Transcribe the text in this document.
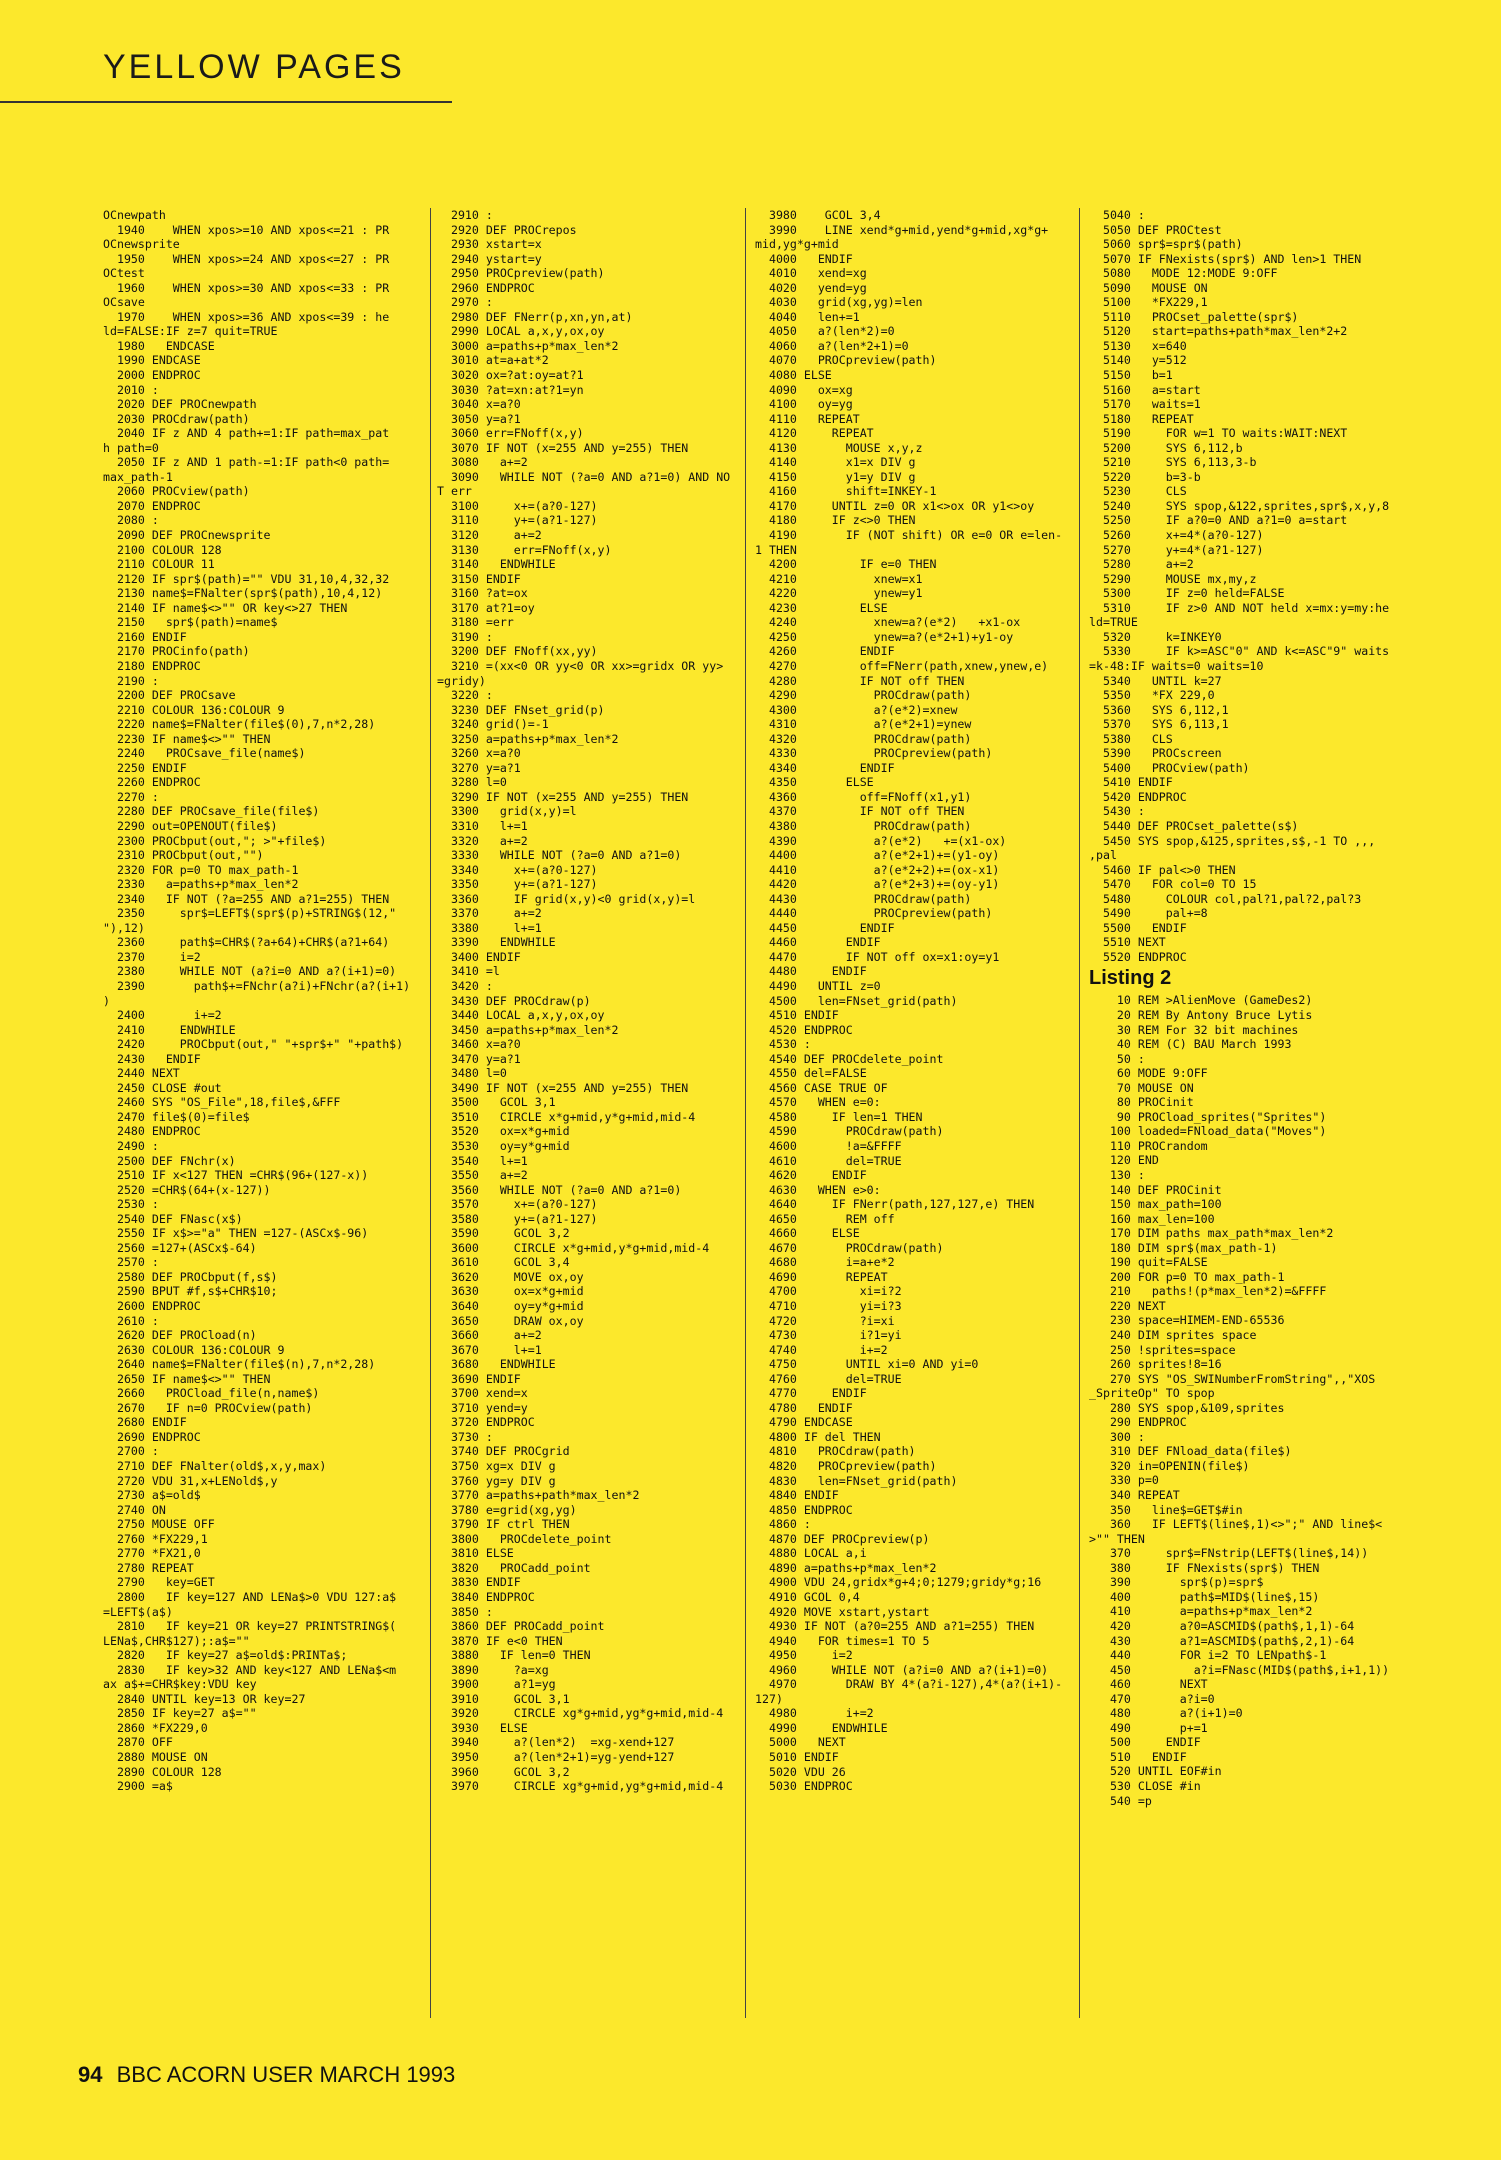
YELLOW PAGES
OCnewpath
1940    WHEN xpos>=10 AND xpos<=21 : PR
OCnewsprite
1950    WHEN xpos>=24 AND xpos<=27 : PR
OCtest
1960    WHEN xpos>=30 AND xpos<=33 : PR
OCsave
1970    WHEN xpos>=36 AND xpos<=39 : he
ld=FALSE:IF z=7 quit=TRUE
1980   ENDCASE
1990 ENDCASE
2000 ENDPROC
2010 :
2020 DEF PROCnewpath
2030 PROCdraw(path)
2040 IF z AND 4 path+=1:IF path=max_pat
h path=0
2050 IF z AND 1 path-=1:IF path<0 path=
max_path-1
2060 PROCview(path)
2070 ENDPROC
2080 :
2090 DEF PROCnewsprite
2100 COLOUR 128
2110 COLOUR 11
2120 IF spr$(path)="" VDU 31,10,4,32,32
2130 name$=FNalter(spr$(path),10,4,12)
2140 IF name$<>"" OR key<>27 THEN
2150   spr$(path)=name$
2160 ENDIF
2170 PROCinfo(path)
2180 ENDPROC
2190 :
2200 DEF PROCsave
2210 COLOUR 136:COLOUR 9
2220 name$=FNalter(file$(0),7,n*2,28)
2230 IF name$<>"" THEN
2240   PROCsave_file(name$)
2250 ENDIF
2260 ENDPROC
2270 :
2280 DEF PROCsave_file(file$)
2290 out=OPENOUT(file$)
2300 PROCbput(out,"; >"+file$)
2310 PROCbput(out,"")
2320 FOR p=0 TO max_path-1
2330   a=paths+p*max_len*2
2340   IF NOT (?a=255 AND a?1=255) THEN
2350     spr$=LEFT$(spr$(p)+STRING$(12,"
"),12)
2360     path$=CHR$(?a+64)+CHR$(a?1+64)
2370     i=2
2380     WHILE NOT (a?i=0 AND a?(i+1)=0)
2390       path$+=FNchr(a?i)+FNchr(a?(i+1)
)
2400       i+=2
2410     ENDWHILE
2420     PROCbput(out," "+spr$+" "+path$)
2430   ENDIF
2440 NEXT
2450 CLOSE #out
2460 SYS "OS_File",18,file$,&FFF
2470 file$(0)=file$
2480 ENDPROC
2490 :
2500 DEF FNchr(x)
2510 IF x<127 THEN =CHR$(96+(127-x))
2520 =CHR$(64+(x-127))
2530 :
2540 DEF FNasc(x$)
2550 IF x$>="a" THEN =127-(ASCx$-96)
2560 =127+(ASCx$-64)
2570 :
2580 DEF PROCbput(f,s$)
2590 BPUT #f,s$+CHR$10;
2600 ENDPROC
2610 :
2620 DEF PROCload(n)
2630 COLOUR 136:COLOUR 9
2640 name$=FNalter(file$(n),7,n*2,28)
2650 IF name$<>"" THEN
2660   PROCload_file(n,name$)
2670   IF n=0 PROCview(path)
2680 ENDIF
2690 ENDPROC
2700 :
2710 DEF FNalter(old$,x,y,max)
2720 VDU 31,x+LENold$,y
2730 a$=old$
2740 ON
2750 MOUSE OFF
2760 *FX229,1
2770 *FX21,0
2780 REPEAT
2790   key=GET
2800   IF key=127 AND LENa$>0 VDU 127:a$
=LEFT$(a$)
2810   IF key=21 OR key=27 PRINTSTRING$(
LENa$,CHR$127);:a$=""
2820   IF key=27 a$=old$:PRINTa$;
2830   IF key>32 AND key<127 AND LENa$<m
ax a$+=CHR$key:VDU key
2840 UNTIL key=13 OR key=27
2850 IF key=27 a$=""
2860 *FX229,0
2870 OFF
2880 MOUSE ON
2890 COLOUR 128
2900 =a$
2910 :
2920 DEF PROCrepos
2930 xstart=x
2940 ystart=y
2950 PROCpreview(path)
2960 ENDPROC
2970 :
2980 DEF FNerr(p,xn,yn,at)
2990 LOCAL a,x,y,ox,oy
3000 a=paths+p*max_len*2
3010 at=a+at*2
3020 ox=?at:oy=at?1
3030 ?at=xn:at?1=yn
3040 x=a?0
3050 y=a?1
3060 err=FNoff(x,y)
3070 IF NOT (x=255 AND y=255) THEN
3080   a+=2
3090   WHILE NOT (?a=0 AND a?1=0) AND NO
T err
3100     x+=(a?0-127)
3110     y+=(a?1-127)
3120     a+=2
3130     err=FNoff(x,y)
3140   ENDWHILE
3150 ENDIF
3160 ?at=ox
3170 at?1=oy
3180 =err
3190 :
3200 DEF FNoff(xx,yy)
3210 =(xx<0 OR yy<0 OR xx>=gridx OR yy>
=gridy)
3220 :
3230 DEF FNset_grid(p)
3240 grid()=-1
3250 a=paths+p*max_len*2
3260 x=a?0
3270 y=a?1
3280 l=0
3290 IF NOT (x=255 AND y=255) THEN
3300   grid(x,y)=l
3310   l+=1
3320   a+=2
3330   WHILE NOT (?a=0 AND a?1=0)
3340     x+=(a?0-127)
3350     y+=(a?1-127)
3360     IF grid(x,y)<0 grid(x,y)=l
3370     a+=2
3380     l+=1
3390   ENDWHILE
3400 ENDIF
3410 =l
3420 :
3430 DEF PROCdraw(p)
3440 LOCAL a,x,y,ox,oy
3450 a=paths+p*max_len*2
3460 x=a?0
3470 y=a?1
3480 l=0
3490 IF NOT (x=255 AND y=255) THEN
3500   GCOL 3,1
3510   CIRCLE x*g+mid,y*g+mid,mid-4
3520   ox=x*g+mid
3530   oy=y*g+mid
3540   l+=1
3550   a+=2
3560   WHILE NOT (?a=0 AND a?1=0)
3570     x+=(a?0-127)
3580     y+=(a?1-127)
3590     GCOL 3,2
3600     CIRCLE x*g+mid,y*g+mid,mid-4
3610     GCOL 3,4
3620     MOVE ox,oy
3630     ox=x*g+mid
3640     oy=y*g+mid
3650     DRAW ox,oy
3660     a+=2
3670     l+=1
3680   ENDWHILE
3690 ENDIF
3700 xend=x
3710 yend=y
3720 ENDPROC
3730 :
3740 DEF PROCgrid
3750 xg=x DIV g
3760 yg=y DIV g
3770 a=paths+path*max_len*2
3780 e=grid(xg,yg)
3790 IF ctrl THEN
3800   PROCdelete_point
3810 ELSE
3820   PROCadd_point
3830 ENDIF
3840 ENDPROC
3850 :
3860 DEF PROCadd_point
3870 IF e<0 THEN
3880   IF len=0 THEN
3890     ?a=xg
3900     a?1=yg
3910     GCOL 3,1
3920     CIRCLE xg*g+mid,yg*g+mid,mid-4
3930   ELSE
3940     a?(len*2)  =xg-xend+127
3950     a?(len*2+1)=yg-yend+127
3960     GCOL 3,2
3970     CIRCLE xg*g+mid,yg*g+mid,mid-4
3980    GCOL 3,4
3990    LINE xend*g+mid,yend*g+mid,xg*g+
mid,yg*g+mid
4000   ENDIF
4010   xend=xg
4020   yend=yg
4030   grid(xg,yg)=len
4040   len+=1
4050   a?(len*2)=0
4060   a?(len*2+1)=0
4070   PROCpreview(path)
4080 ELSE
4090   ox=xg
4100   oy=yg
4110   REPEAT
4120     REPEAT
4130       MOUSE x,y,z
4140       x1=x DIV g
4150       y1=y DIV g
4160       shift=INKEY-1
4170     UNTIL z=0 OR x1<>ox OR y1<>oy
4180     IF z<>0 THEN
4190       IF (NOT shift) OR e=0 OR e=len-
1 THEN
4200         IF e=0 THEN
4210           xnew=x1
4220           ynew=y1
4230         ELSE
4240           xnew=a?(e*2)   +x1-ox
4250           ynew=a?(e*2+1)+y1-oy
4260         ENDIF
4270         off=FNerr(path,xnew,ynew,e)
4280         IF NOT off THEN
4290           PROCdraw(path)
4300           a?(e*2)=xnew
4310           a?(e*2+1)=ynew
4320           PROCdraw(path)
4330           PROCpreview(path)
4340         ENDIF
4350       ELSE
4360         off=FNoff(x1,y1)
4370         IF NOT off THEN
4380           PROCdraw(path)
4390           a?(e*2)   +=(x1-ox)
4400           a?(e*2+1)+=(y1-oy)
4410           a?(e*2+2)+=(ox-x1)
4420           a?(e*2+3)+=(oy-y1)
4430           PROCdraw(path)
4440           PROCpreview(path)
4450         ENDIF
4460       ENDIF
4470       IF NOT off ox=x1:oy=y1
4480     ENDIF
4490   UNTIL z=0
4500   len=FNset_grid(path)
4510 ENDIF
4520 ENDPROC
4530 :
4540 DEF PROCdelete_point
4550 del=FALSE
4560 CASE TRUE OF
4570   WHEN e=0:
4580     IF len=1 THEN
4590       PROCdraw(path)
4600       !a=&FFFF
4610       del=TRUE
4620     ENDIF
4630   WHEN e>0:
4640     IF FNerr(path,127,127,e) THEN
4650       REM off
4660     ELSE
4670       PROCdraw(path)
4680       i=a+e*2
4690       REPEAT
4700         xi=i?2
4710         yi=i?3
4720         ?i=xi
4730         i?1=yi
4740         i+=2
4750       UNTIL xi=0 AND yi=0
4760       del=TRUE
4770     ENDIF
4780   ENDIF
4790 ENDCASE
4800 IF del THEN
4810   PROCdraw(path)
4820   PROCpreview(path)
4830   len=FNset_grid(path)
4840 ENDIF
4850 ENDPROC
4860 :
4870 DEF PROCpreview(p)
4880 LOCAL a,i
4890 a=paths+p*max_len*2
4900 VDU 24,gridx*g+4;0;1279;gridy*g;16
4910 GCOL 0,4
4920 MOVE xstart,ystart
4930 IF NOT (a?0=255 AND a?1=255) THEN
4940   FOR times=1 TO 5
4950     i=2
4960     WHILE NOT (a?i=0 AND a?(i+1)=0)
4970       DRAW BY 4*(a?i-127),4*(a?(i+1)-
127)
4980       i+=2
4990     ENDWHILE
5000   NEXT
5010 ENDIF
5020 VDU 26
5030 ENDPROC
5040 :
5050 DEF PROCtest
5060 spr$=spr$(path)
5070 IF FNexists(spr$) AND len>1 THEN
5080   MODE 12:MODE 9:OFF
5090   MOUSE ON
5100   *FX229,1
5110   PROCset_palette(spr$)
5120   start=paths+path*max_len*2+2
5130   x=640
5140   y=512
5150   b=1
5160   a=start
5170   waits=1
5180   REPEAT
5190     FOR w=1 TO waits:WAIT:NEXT
5200     SYS 6,112,b
5210     SYS 6,113,3-b
5220     b=3-b
5230     CLS
5240     SYS spop,&122,sprites,spr$,x,y,8
5250     IF a?0=0 AND a?1=0 a=start
5260     x+=4*(a?0-127)
5270     y+=4*(a?1-127)
5280     a+=2
5290     MOUSE mx,my,z
5300     IF z=0 held=FALSE
5310     IF z>0 AND NOT held x=mx:y=my:he
ld=TRUE
5320     k=INKEY0
5330     IF k>=ASC"0" AND k<=ASC"9" waits
=k-48:IF waits=0 waits=10
5340   UNTIL k=27
5350   *FX 229,0
5360   SYS 6,112,1
5370   SYS 6,113,1
5380   CLS
5390   PROCscreen
5400   PROCview(path)
5410 ENDIF
5420 ENDPROC
5430 :
5440 DEF PROCset_palette(s$)
5450 SYS spop,&125,sprites,s$,-1 TO ,,,
,pal
5460 IF pal<>0 THEN
5470   FOR col=0 TO 15
5480     COLOUR col,pal?1,pal?2,pal?3
5490     pal+=8
5500   ENDIF
5510 NEXT
5520 ENDPROC
Listing 2
10 REM >AlienMove (GameDes2)
20 REM By Antony Bruce Lytis
30 REM For 32 bit machines
40 REM (C) BAU March 1993
50 :
60 MODE 9:OFF
70 MOUSE ON
80 PROCinit
90 PROCload_sprites("Sprites")
100 loaded=FNload_data("Moves")
110 PROCrandom
120 END
130 :
140 DEF PROCinit
150 max_path=100
160 max_len=100
170 DIM paths max_path*max_len*2
180 DIM spr$(max_path-1)
190 quit=FALSE
200 FOR p=0 TO max_path-1
210   paths!(p*max_len*2)=&FFFF
220 NEXT
230 space=HIMEM-END-65536
240 DIM sprites space
250 !sprites=space
260 sprites!8=16
270 SYS "OS_SWINumberFromString",,"XOS
_SpriteOp" TO spop
280 SYS spop,&109,sprites
290 ENDPROC
300 :
310 DEF FNload_data(file$)
320 in=OPENIN(file$)
330 p=0
340 REPEAT
350   line$=GET$#in
360   IF LEFT$(line$,1)<>";" AND line$<
>"" THEN
370     spr$=FNstrip(LEFT$(line$,14))
380     IF FNexists(spr$) THEN
390       spr$(p)=spr$
400       path$=MID$(line$,15)
410       a=paths+p*max_len*2
420       a?0=ASCMID$(path$,1,1)-64
430       a?1=ASCMID$(path$,2,1)-64
440       FOR i=2 TO LENpath$-1
450         a?i=FNasc(MID$(path$,i+1,1))
460       NEXT
470       a?i=0
480       a?(i+1)=0
490       p+=1
500     ENDIF
510   ENDIF
520 UNTIL EOF#in
530 CLOSE #in
540 =p
94 BBC ACORN USER MARCH 1993
